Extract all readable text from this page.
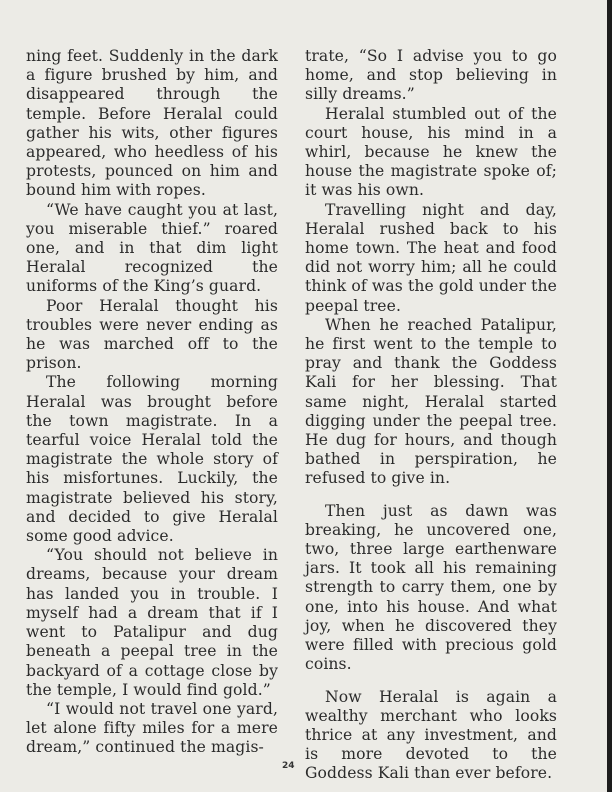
ning feet. Suddenly in the dark a figure brushed by him, and disappeared through the temple. Before Heralal could gather his wits, other figures appeared, who heedless of his protests, pounced on him and bound him with ropes.

“We have caught you at last, you miserable thief.” roared one, and in that dim light Heralal recognized the uniforms of the King’s guard.

Poor Heralal thought his troubles were never ending as he was marched off to the prison.

The following morning Heralal was brought before the town magistrate. In a tearful voice Heralal told the magistrate the whole story of his misfortunes. Luckily, the magistrate believed his story, and decided to give Heralal some good advice.

“You should not believe in dreams, because your dream has landed you in trouble. I myself had a dream that if I went to Patalipur and dug beneath a peepal tree in the backyard of a cottage close by the temple, I would find gold.”

“I would not travel one yard, let alone fifty miles for a mere dream,” continued the magis-

trate, “So I advise you to go home, and stop believing in silly dreams.”

Heralal stumbled out of the court house, his mind in a whirl, because he knew the house the magistrate spoke of; it was his own.

Travelling night and day, Heralal rushed back to his home town. The heat and food did not worry him; all he could think of was the gold under the peepal tree.

When he reached Patalipur, he first went to the temple to pray and thank the Goddess Kali for her blessing. That same night, Heralal started digging under the peepal tree. He dug for hours, and though bathed in perspiration, he refused to give in.

Then just as dawn was breaking, he uncovered one, two, three large earthenware jars. It took all his remaining strength to carry them, one by one, into his house. And what joy, when he discovered they were filled with precious gold coins.

Now Heralal is again a wealthy merchant who looks thrice at any investment, and is more devoted to the Goddess Kali than ever before.

24
